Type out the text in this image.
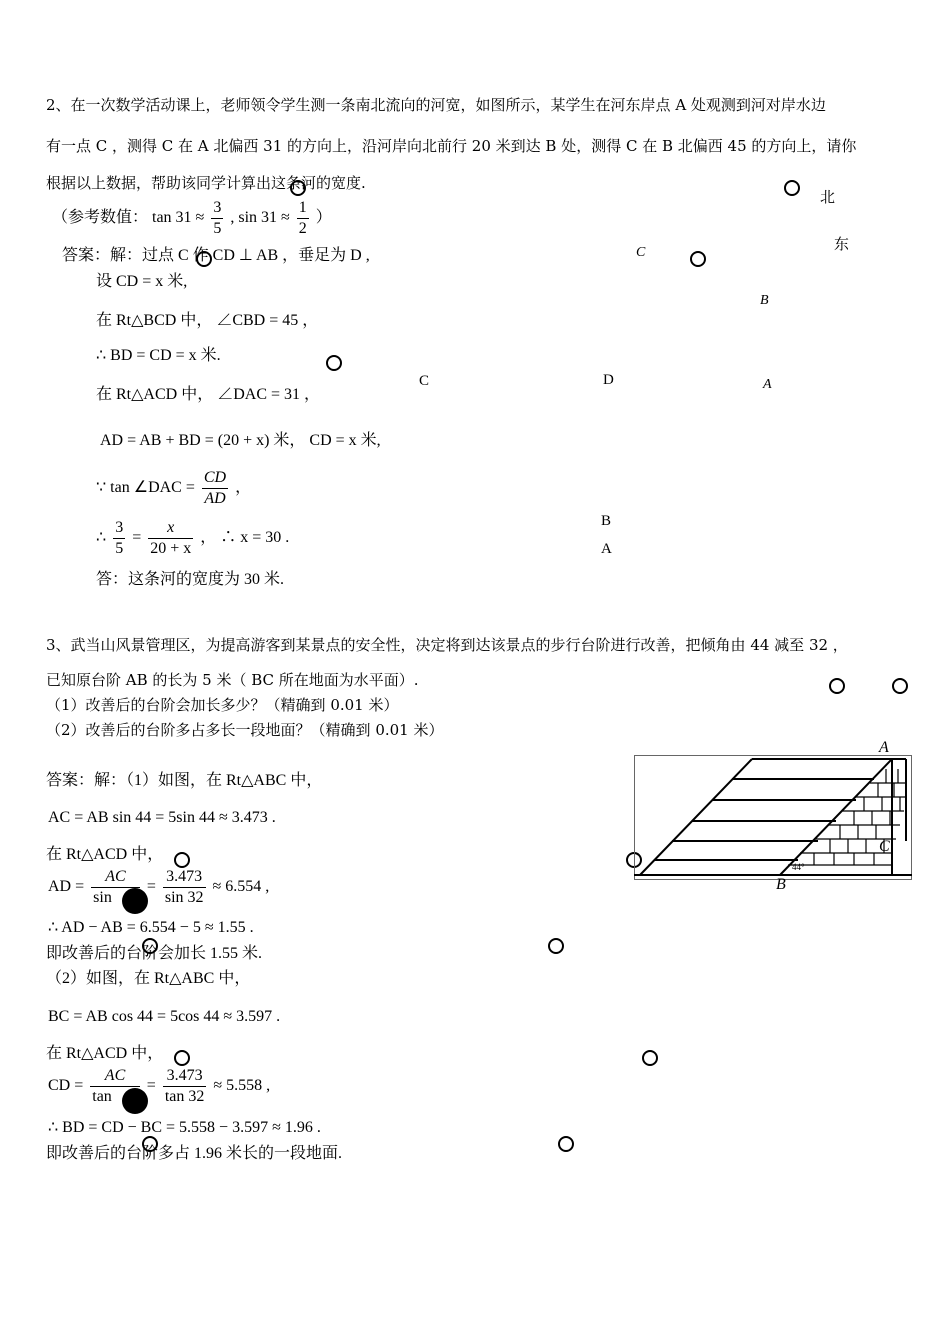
2、在一次数学活动课上，老师领令学生测一条南北流向的河宽，如图所示，某学生在河东岸点 A 处观测到河对岸水边
有一点 C ，测得 C 在 A 北偏西 31 的方向上，沿河岸向北前行 20 米到达 B 处，测得 C 在 B 北偏西 45 的方向上，请你
根据以上数据，帮助该同学计算出这条河的宽度.
（参考数值： $\tan 31 \approx \frac{3}{5}$ , $\sin 31 \approx \frac{1}{2}$ ）
答案：解：过点 C 作 CD ⊥ AB ，垂足为 D ,
设 CD = x 米,
在 Rt△BCD 中， ∠CBD = 45 ，
∴ BD = CD = x 米.
在 Rt△ACD 中， ∠DAC = 31 ，
AD = AB + BD = (20 + x) 米， CD = x 米,
∵ tan ∠DAC = $\frac{CD}{AD}$ ，
∴ $\frac{3}{5} = \frac{x}{20 + x}$ ， ∴ x = 30 .
答：这条河的宽度为 30 米.
北
东
C
B
C	D	A
B
A
3、武当山风景管理区，为提高游客到某景点的安全性，决定将到达该景点的步行台阶进行改善，把倾角由 44 减至 32 ，
已知原台阶 AB 的长为 5 米（ BC 所在地面为水平面）.
（1）改善后的台阶会加长多少？（精确到 0.01 米）
（2）改善后的台阶多占多长一段地面？（精确到 0.01 米）
答案：解：（1）如图，在 Rt△ABC 中，
AC = AB sin 44 = 5sin 44 ≈ 3.473 .
在 Rt△ACD 中，
AD = $\frac{AC}{\sin} = \frac{3.473}{\sin 32} \approx 6.554$ ,
∴ AD − AB = 6.554 − 5 ≈ 1.55 .
即改善后的台阶会加长 1.55 米.
（2）如图，在 Rt△ABC 中，
BC = AB cos 44 = 5cos 44 ≈ 3.597 .
在 Rt△ACD 中，
CD = $\frac{AC}{\tan} = \frac{3.473}{\tan 32} \approx 5.558$ ,
∴ BD = CD − BC = 5.558 − 3.597 ≈ 1.96 .
即改善后的台阶多占 1.96 米长的一段地面.
44°
A
C
B
